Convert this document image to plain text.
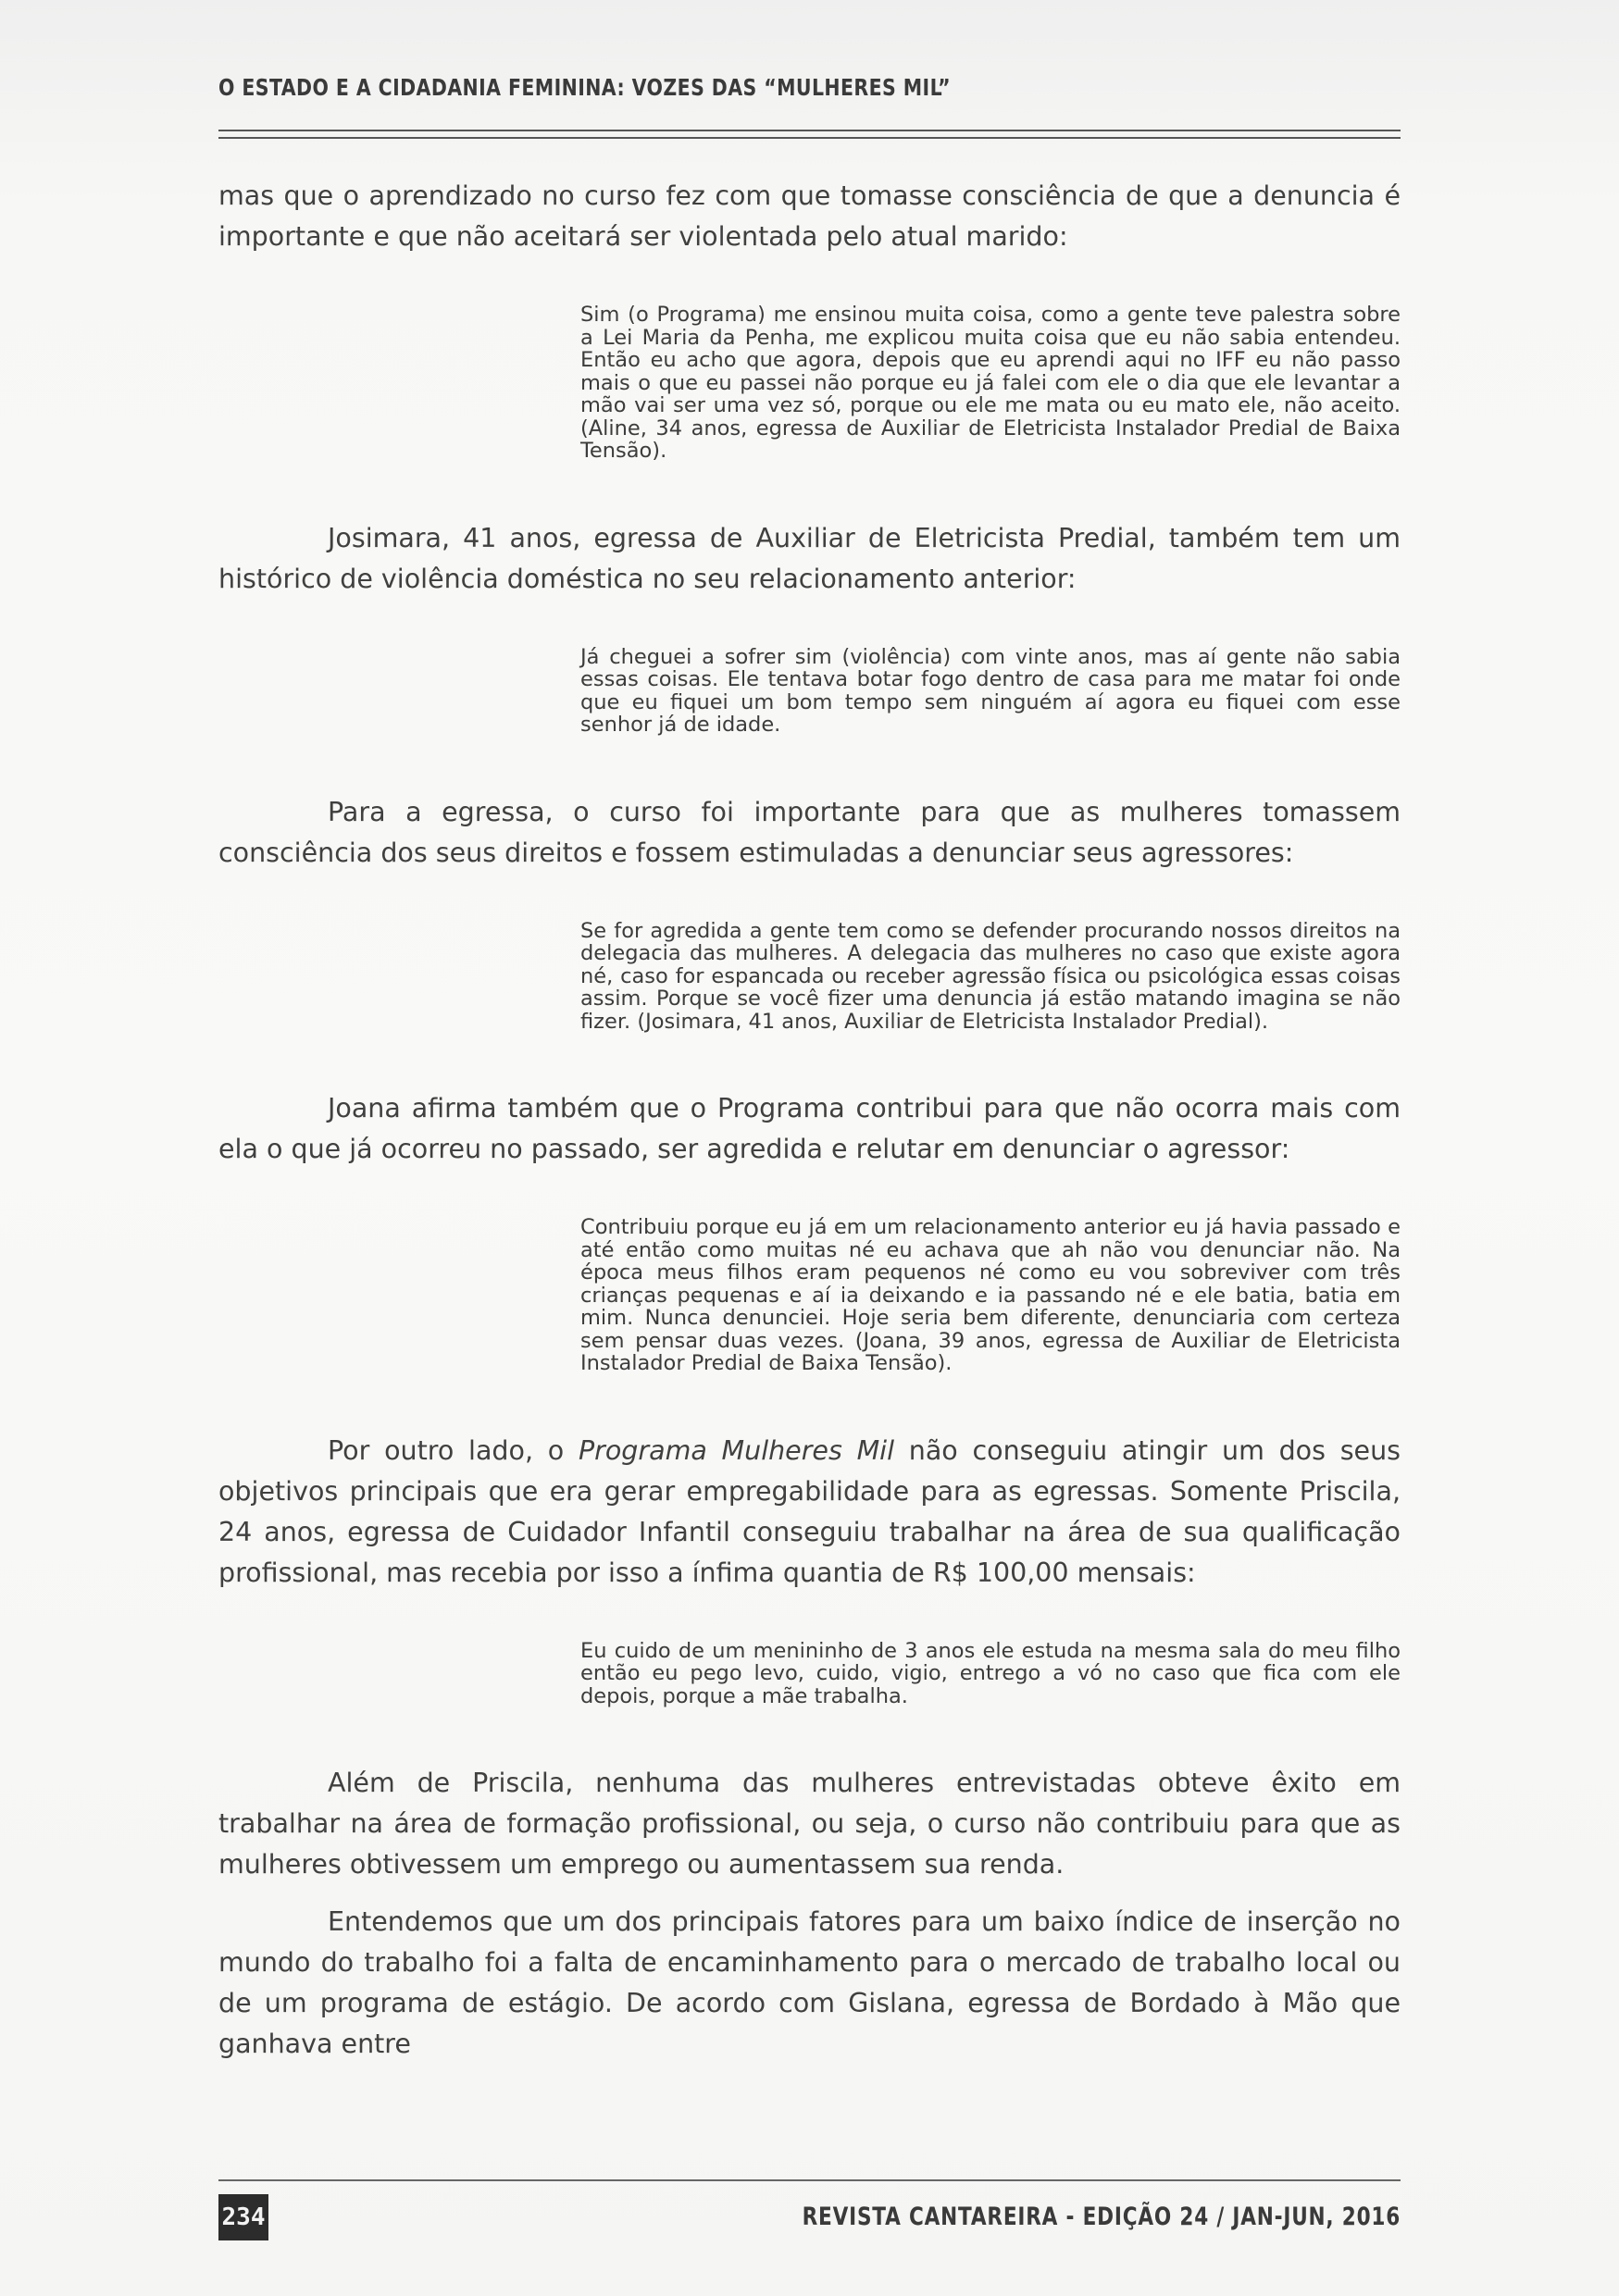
O ESTADO E A CIDADANIA FEMININA: VOZES DAS “MULHERES MIL”

mas que o aprendizado no curso fez com que tomasse consciência de que a denuncia é importante e que não aceitará ser violentada pelo atual marido:

Sim (o Programa) me ensinou muita coisa, como a gente teve palestra sobre a Lei Maria da Penha, me explicou muita coisa que eu não sabia entendeu. Então eu acho que agora, depois que eu aprendi aqui no IFF eu não passo mais o que eu passei não porque eu já falei com ele o dia que ele levantar a mão vai ser uma vez só, porque ou ele me mata ou eu mato ele, não aceito. (Aline, 34 anos, egressa de Auxiliar de Eletricista Instalador Predial de Baixa Tensão).

Josimara, 41 anos, egressa de Auxiliar de Eletricista Predial, também tem um histórico de violência doméstica no seu relacionamento anterior:

Já cheguei a sofrer sim (violência) com vinte anos, mas aí gente não sabia essas coisas. Ele tentava botar fogo dentro de casa para me matar foi onde que eu fiquei um bom tempo sem ninguém aí agora eu fiquei com esse senhor já de idade.

Para a egressa, o curso foi importante para que as mulheres tomassem consciência dos seus direitos e fossem estimuladas a denunciar seus agressores:

Se for agredida a gente tem como se defender procurando nossos direitos na delegacia das mulheres. A delegacia das mulheres no caso que existe agora né, caso for espancada ou receber agressão física ou psicológica essas coisas assim. Porque se você fizer uma denuncia já estão matando imagina se não fizer. (Josimara, 41 anos, Auxiliar de Eletricista Instalador Predial).

Joana afirma também que o Programa contribui para que não ocorra mais com ela o que já ocorreu no passado, ser agredida e relutar em denunciar o agressor:

Contribuiu porque eu já em um relacionamento anterior eu já havia passado e até então como muitas né eu achava que ah não vou denunciar não. Na época meus filhos eram pequenos né como eu vou sobreviver com três crianças pequenas e aí ia deixando e ia passando né e ele batia, batia em mim. Nunca denunciei. Hoje seria bem diferente, denunciaria com certeza sem pensar duas vezes. (Joana, 39 anos, egressa de Auxiliar de Eletricista Instalador Predial de Baixa Tensão).

Por outro lado, o Programa Mulheres Mil não conseguiu atingir um dos seus objetivos principais que era gerar empregabilidade para as egressas. Somente Priscila, 24 anos, egressa de Cuidador Infantil conseguiu trabalhar na área de sua qualificação profissional, mas recebia por isso a ínfima quantia de R$ 100,00 mensais:

Eu cuido de um menininho de 3 anos ele estuda na mesma sala do meu filho então eu pego levo, cuido, vigio, entrego a vó no caso que fica com ele depois, porque a mãe trabalha.

Além de Priscila, nenhuma das mulheres entrevistadas obteve êxito em trabalhar na área de formação profissional, ou seja, o curso não contribuiu para que as mulheres obtivessem um emprego ou aumentassem sua renda.

Entendemos que um dos principais fatores para um baixo índice de inserção no mundo do trabalho foi a falta de encaminhamento para o mercado de trabalho local ou de um programa de estágio. De acordo com Gislana, egressa de Bordado à Mão que ganhava entre

234	REVISTA CANTAREIRA - EDIÇÃO 24 / JAN-JUN, 2016
